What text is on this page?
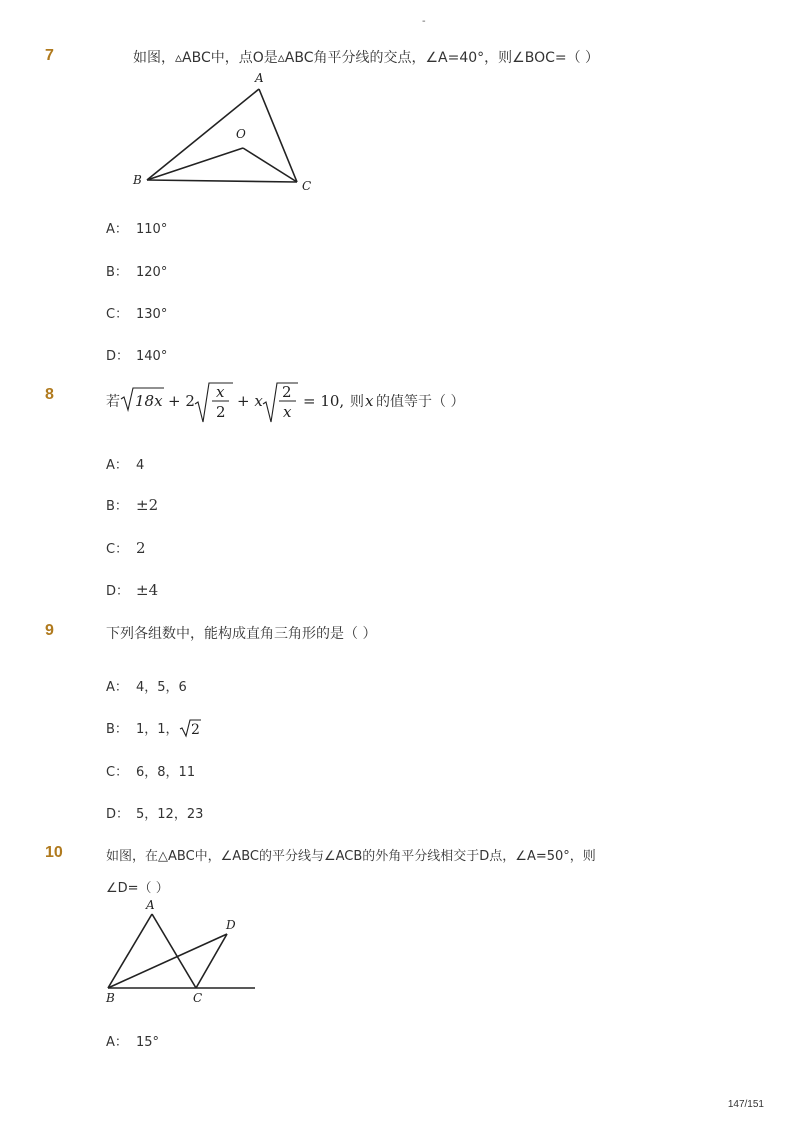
-
7	如图，▵ABC中，点O是▵ABC角平分线的交点，∠A=40°，则∠BOC=（ ）
A
O
B	C
A： 110°
B： 120°
C： 130°
D： 140°
8	若 18x + 2 x
2
+ x 2
x
= 10, 则 x 的值等于（ ）
A： 4
B： ±2
C： 2
D： ±4
9	下列各组数中，能构成直角三角形的是（ ）
A： 4，5，6
B： 1，1， 2
C： 6，8，11
D： 5，12，23
10	如图，在△ABC中，∠ABC的平分线与∠ACB的外角平分线相交于D点，∠A=50°，则
∠D=（ ）
A
D
B	C
A： 15°
147/151
